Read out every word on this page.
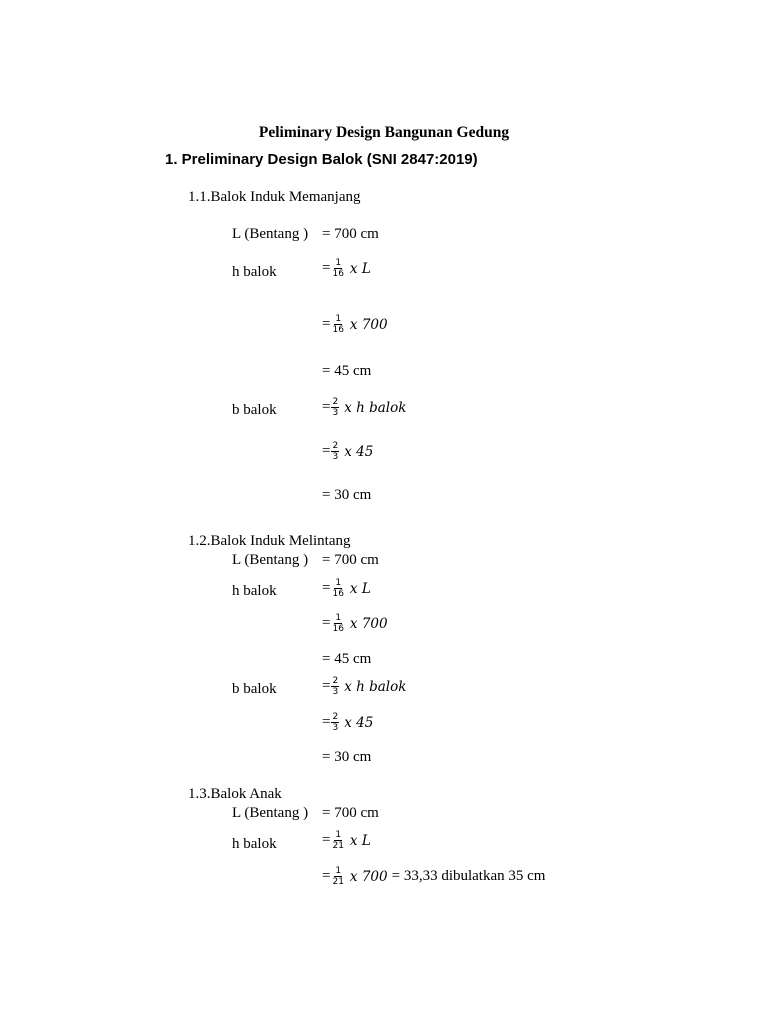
Peliminary Design Bangunan Gedung
1. Preliminary Design Balok (SNI 2847:2019)
1.1.Balok Induk Memanjang
L (Bentang ) = 700 cm
h balok	= $\frac{1}{16}$ x L
= $\frac{1}{16}$ x 700
= 45 cm
b balok	= $\frac{2}{3}$ x h balok
= $\frac{2}{3}$ x 45
= 30 cm
1.2.Balok Induk Melintang
L (Bentang ) = 700 cm
h balok	= $\frac{1}{16}$ x L
= $\frac{1}{16}$ x 700
= 45 cm
b balok	= $\frac{2}{3}$ x h balok
= $\frac{2}{3}$ x 45
= 30 cm
1.3.Balok Anak
L (Bentang ) = 700 cm
h balok	= $\frac{1}{21}$ x L
= $\frac{1}{21}$ x 700 = 33,33 dibulatkan 35 cm
